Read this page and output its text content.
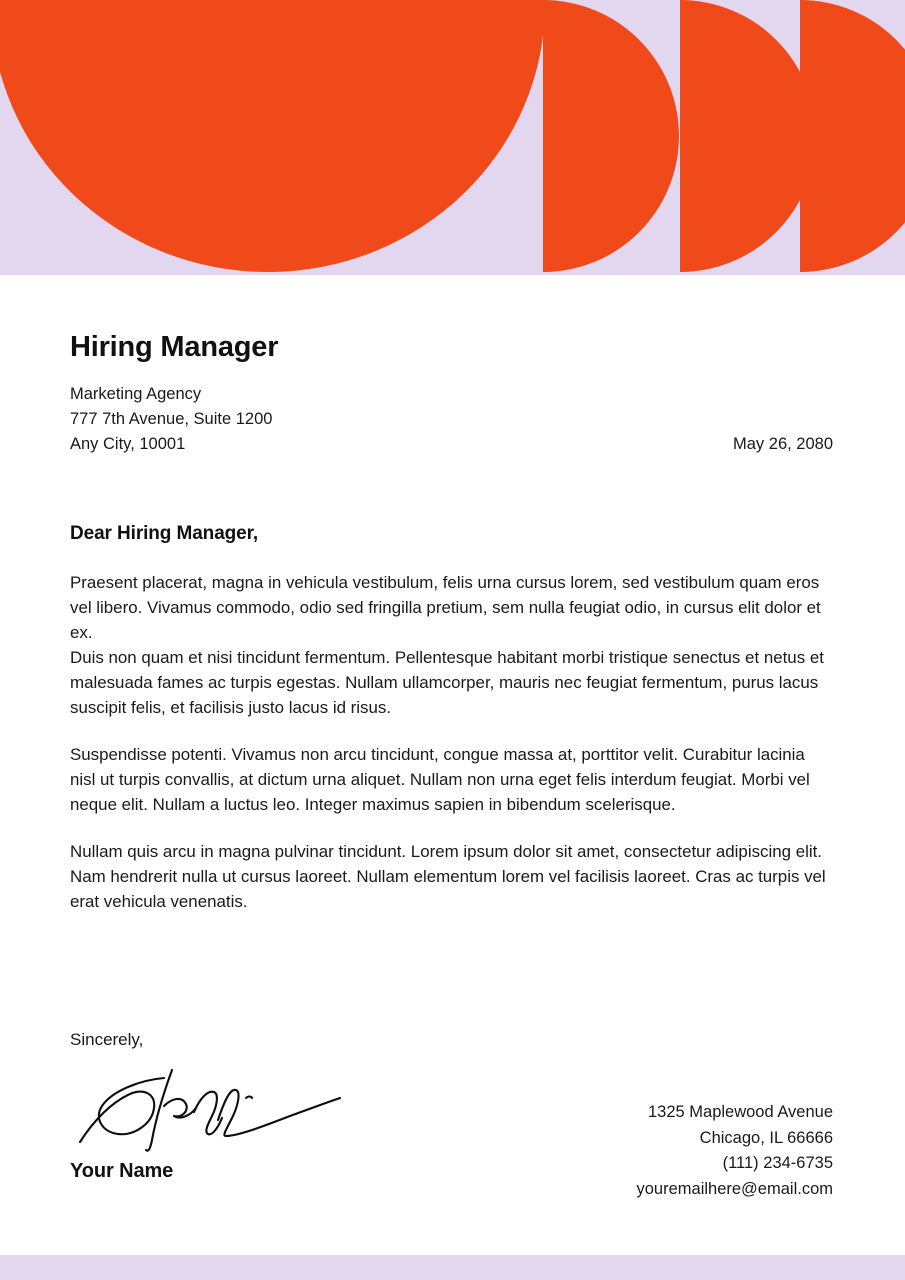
Hiring Manager

Marketing Agency

777 7th Avenue, Suite 1200

Any City, 10001	May 26, 2080
Dear Hiring Manager,

Praesent placerat, magna in vehicula vestibulum, felis urna cursus lorem, sed vestibulum quam eros vel libero. Vivamus commodo, odio sed fringilla pretium, sem nulla feugiat odio, in cursus elit dolor et ex.

Duis non quam et nisi tincidunt fermentum. Pellentesque habitant morbi tristique senectus et netus et malesuada fames ac turpis egestas. Nullam ullamcorper, mauris nec feugiat fermentum, purus lacus suscipit felis, et facilisis justo lacus id risus.

Suspendisse potenti. Vivamus non arcu tincidunt, congue massa at, porttitor velit. Curabitur lacinia nisl ut turpis convallis, at dictum urna aliquet. Nullam non urna eget felis interdum feugiat. Morbi vel neque elit. Nullam a luctus leo. Integer maximus sapien in bibendum scelerisque.

Nullam quis arcu in magna pulvinar tincidunt. Lorem ipsum dolor sit amet, consectetur adipiscing elit. Nam hendrerit nulla ut cursus laoreet. Nullam elementum lorem vel facilisis laoreet. Cras ac turpis vel erat vehicula venenatis.

Sincerely,

Your Name

1325 Maplewood Avenue

Chicago, IL 66666

(111) 234-6735

youremailhere@email.com
